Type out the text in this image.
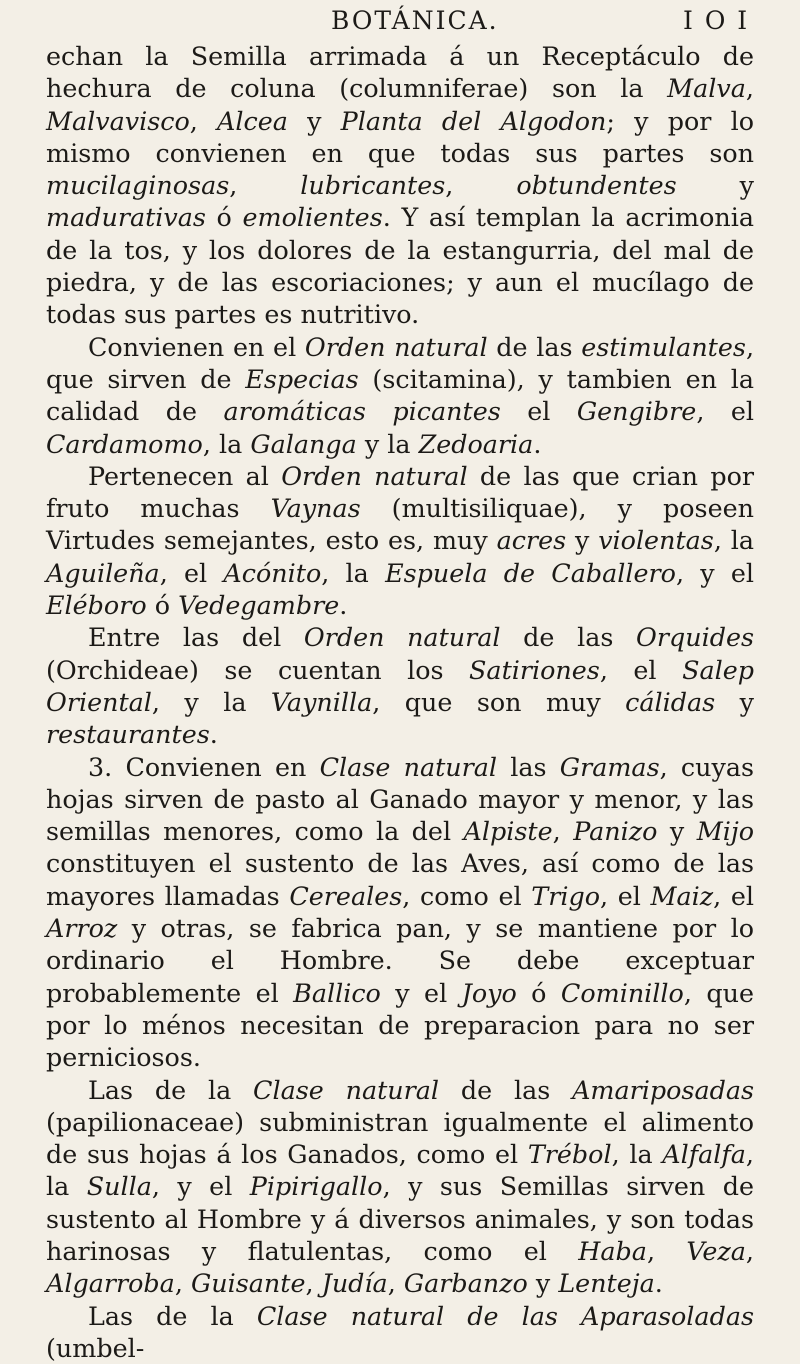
BOTÁNICA.	I O I

echan la Semilla arrimada á un Receptáculo de hechura de coluna (columniferae) son la Malva, Malvavisco, Alcea y Planta del Algodon; y por lo mismo convienen en que todas sus partes son mucilaginosas, lubricantes, obtundentes y madurativas ó emolientes. Y así templan la acrimonia de la tos, y los dolores de la estangurria, del mal de piedra, y de las escoriaciones; y aun el mucílago de todas sus partes es nutritivo.

Convienen en el Orden natural de las estimulantes, que sirven de Especias (scitamina), y tambien en la calidad de aromáticas picantes el Gengibre, el Cardamomo, la Galanga y la Zedoaria.

Pertenecen al Orden natural de las que crian por fruto muchas Vaynas (multisiliquae), y poseen Virtudes semejantes, esto es, muy acres y violentas, la Aguileña, el Acónito, la Espuela de Caballero, y el Eléboro ó Vedegambre.

Entre las del Orden natural de las Orquides (Orchideae) se cuentan los Satiriones, el Salep Oriental, y la Vaynilla, que son muy cálidas y restaurantes.

3. Convienen en Clase natural las Gramas, cuyas hojas sirven de pasto al Ganado mayor y menor, y las semillas menores, como la del Alpiste, Panizo y Mijo constituyen el sustento de las Aves, así como de las mayores llamadas Cereales, como el Trigo, el Maiz, el Arroz y otras, se fabrica pan, y se mantiene por lo ordinario el Hombre. Se debe exceptuar probablemente el Ballico y el Joyo ó Cominillo, que por lo ménos necesitan de preparacion para no ser perniciosos.

Las de la Clase natural de las Amariposadas (papilionaceae) subministran igualmente el alimento de sus hojas á los Ganados, como el Trébol, la Alfalfa, la Sulla, y el Pipirigallo, y sus Semillas sirven de sustento al Hombre y á diversos animales, y son todas harinosas y flatulentas, como el Haba, Veza, Algarroba, Guisante, Judía, Garbanzo y Lenteja.

Las de la Clase natural de las Aparasoladas (umbel-
